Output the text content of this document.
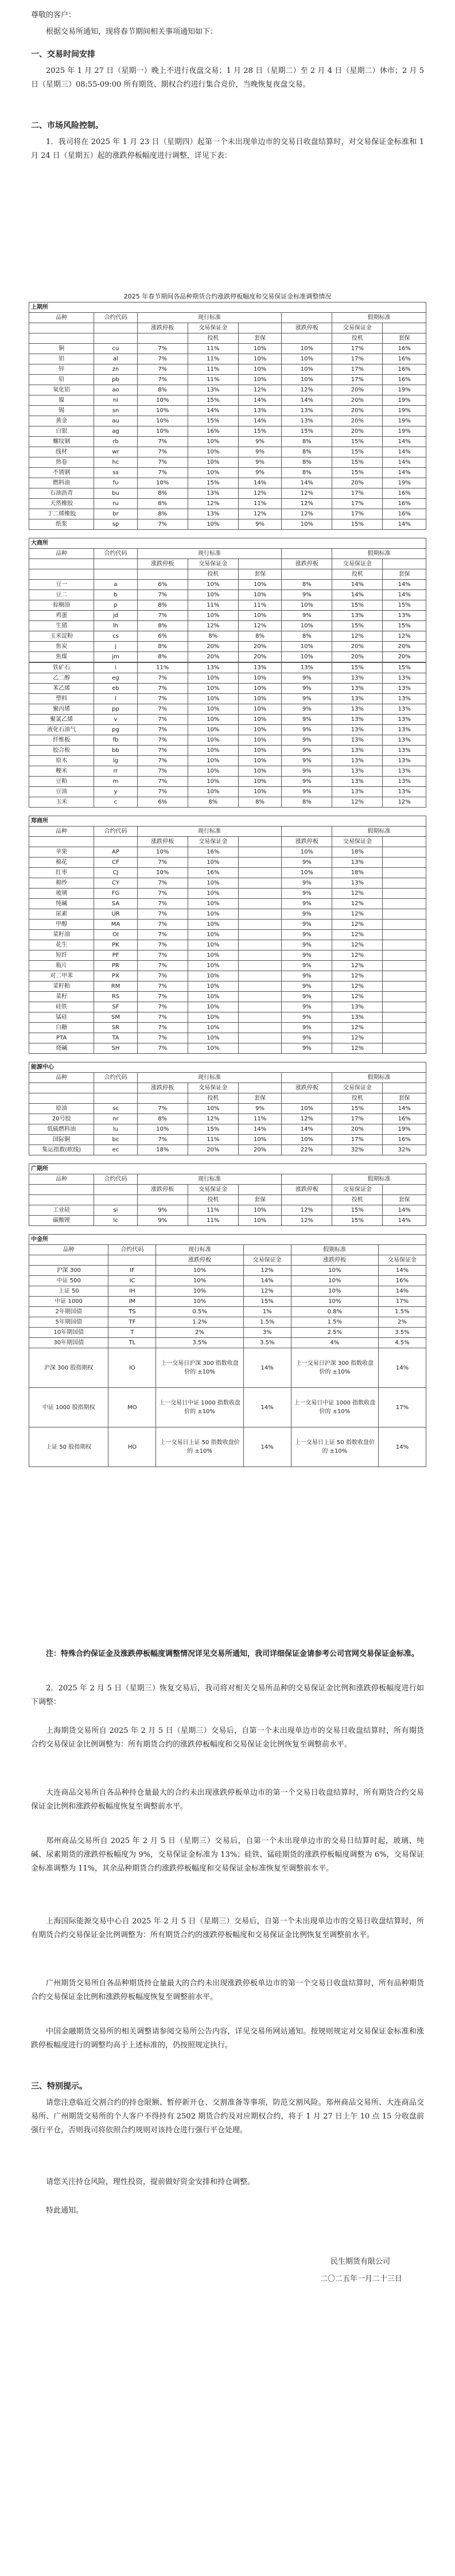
尊敬的客户：
根据交易所通知，现将春节期间相关事项通知如下：
一、交易时间安排
2025 年 1 月 27 日（星期一）晚上不进行夜盘交易；1 月 28 日（星期二）至 2 月 4 日（星期二）休市；2 月 5 日（星期三）08:55-09:00 所有期货、期权合约进行集合竞价，当晚恢复夜盘交易。
二、市场风险控制。
1．我司将在 2025 年 1 月 23 日（星期四）起第一个未出现单边市的交易日收盘结算时，对交易保证金标准和 1 月 24 日（星期五）起的涨跌停板幅度进行调整，详见下表：
2025 年春节期间各品种期货合约涨跌停板幅度和交易保证金标准调整情况
上期所							
品种	合约代码	现行标准				假期标准	
		涨跌停板	交易保证金		涨跌停板	交易保证金	
			投机	套保		投机	套保
铜	cu	7%	11%	10%	10%	17%	16%
铝	al	7%	11%	10%	10%	17%	16%
锌	zn	7%	11%	10%	10%	17%	16%
铅	pb	7%	11%	10%	10%	17%	16%
氧化铝	ao	8%	13%	12%	12%	20%	19%
镍	ni	10%	15%	14%	14%	20%	19%
锡	sn	10%	14%	13%	13%	20%	19%
黄金	au	10%	15%	14%	13%	20%	19%
白银	ag	10%	16%	15%	15%	20%	19%
螺纹钢	rb	7%	10%	9%	8%	15%	14%
线材	wr	7%	10%	9%	8%	15%	14%
热卷	hc	7%	10%	9%	8%	15%	14%
不锈钢	ss	7%	10%	9%	8%	15%	14%
燃料油	fu	10%	15%	14%	14%	20%	19%
石油沥青	bu	8%	13%	12%	12%	17%	16%
天然橡胶	ru	8%	12%	11%	12%	17%	16%
丁二烯橡胶	br	8%	13%	12%	12%	17%	16%
纸浆	sp	7%	10%	9%	10%	15%	14%
大商所							
品种	合约代码	现行标准				假期标准	
		涨跌停板	交易保证金		涨跌停板	交易保证金	
			投机	套保		投机	套保
豆一	a	6%	10%	10%	8%	14%	14%
豆二	b	7%	10%	10%	9%	14%	14%
棕榈油	p	8%	11%	11%	10%	15%	15%
鸡蛋	jd	7%	10%	10%	9%	13%	13%
生猪	lh	8%	12%	12%	10%	15%	15%
玉米淀粉	cs	6%	8%	8%	8%	12%	12%
焦炭	j	8%	20%	20%	10%	20%	20%
焦煤	jm	8%	20%	20%	10%	20%	20%
铁矿石	i	11%	13%	13%	13%	15%	15%
乙二醇	eg	7%	10%	10%	9%	13%	13%
苯乙烯	eb	7%	10%	10%	9%	13%	13%
塑料	l	7%	10%	10%	9%	13%	13%
聚丙烯	pp	7%	10%	10%	9%	13%	13%
聚氯乙烯	v	7%	10%	10%	9%	13%	13%
液化石油气	pg	7%	10%	10%	9%	13%	13%
纤维板	fb	7%	10%	10%	9%	13%	13%
胶合板	bb	7%	10%	10%	9%	13%	13%
原木	lg	7%	10%	10%	9%	13%	13%
粳米	rr	7%	10%	10%	9%	13%	13%
豆粕	m	7%	10%	10%	9%	13%	13%
豆油	y	7%	10%	10%	9%	13%	13%
玉米	c	6%	8%	8%	8%	12%	12%
郑商所							
品种	合约代码	现行标准				假期标准	
		涨跌停板	交易保证金		涨跌停板	交易保证金	
苹果	AP	10%	16%		10%	18%	
棉花	CF	7%	10%		9%	13%	
红枣	CJ	10%	16%		10%	18%	
棉纱	CY	7%	10%		9%	13%	
玻璃	FG	7%	10%		9%	12%	
纯碱	SA	7%	10%		9%	12%	
尿素	UR	7%	10%		9%	12%	
甲醇	MA	7%	10%		9%	12%	
菜籽油	OI	7%	10%		9%	12%	
花生	PK	7%	10%		9%	12%	
短纤	PF	7%	10%		9%	12%	
瓶片	PR	7%	10%		9%	12%	
对二甲苯	PX	7%	10%		9%	12%	
菜籽粕	RM	7%	10%		9%	12%	
菜籽	RS	7%	10%		9%	12%	
硅铁	SF	7%	10%		9%	13%	
锰硅	SM	7%	10%		9%	13%	
白糖	SR	7%	10%		9%	12%	
PTA	TA	7%	10%		9%	12%	
烧碱	SH	7%	10%		9%	12%	
能源中心							
品种	合约代码	现行标准				假期标准	
		涨跌停板	交易保证金		涨跌停板	交易保证金	
			投机	套保		投机	套保
原油	sc	7%	10%	9%	10%	15%	14%
20号胶	nr	8%	12%	11%	12%	17%	16%
低硫燃料油	lu	10%	15%	14%	14%	20%	19%
国际铜	bc	7%	11%	10%	10%	17%	16%
集运指数(欧线)	ec	18%	20%	20%	22%	32%	32%
广期所							
品种	合约代码	现行标准				假期标准	
		涨跌停板	交易保证金		涨跌停板	交易保证金	
			投机	套保		投机	套保
工业硅	si	9%	11%	10%	12%	15%	14%
碳酸锂	lc	9%	11%	10%	12%	15%	14%
中金所					
品种	合约代码	现行标准		假期标准	
		涨跌停板	交易保证金	涨跌停板	交易保证金
沪深 300	IF	10%	12%	10%	14%
中证 500	IC	10%	14%	10%	16%
上证 50	IH	10%	12%	10%	14%
中证 1000	IM	10%	15%	10%	17%
2年期国债	TS	0.5%	1%	0.8%	1.5%
5年期国债	TF	1.2%	1.5%	1.5%	2%
10年期国债	T	2%	3%	2.5%	3.5%
30年期国债	TL	3.5%	3.5%	4%	4.5%
沪深 300 股指期权	IO	上一交易日沪深 300 指数收盘价的 ±10%	14%	上一交易日沪深 300 指数收盘价的 ±10%	14%
中证 1000 股指期权	MO	上一交易日中证 1000 指数收盘价的 ±10%	14%	上一交易日中证 1000 指数收盘价的 ±10%	17%
上证 50 股指期权	HO	上一交易日上证 50 指数收盘价的 ±10%	14%	上一交易日上证 50 指数收盘价的 ±10%	14%
注：特殊合约保证金及涨跌停板幅度调整情况详见交易所通知，我司详细保证金请参考公司官网交易保证金标准。
2．2025 年 2 月 5 日（星期三）恢复交易后，我司将对相关交易所品种的交易保证金比例和涨跌停板幅度进行如下调整：
上海期货交易所自 2025 年 2 月 5 日（星期三）交易后，自第一个未出现单边市的交易日收盘结算时，所有期货合约交易保证金比例调整为：所有期货合约的涨跌停板幅度和交易保证金比例恢复至调整前水平。
大连商品交易所自各品种持仓量最大的合约未出现涨跌停板单边市的第一个交易日收盘结算时，所有期货合约交易保证金比例和涨跌停板幅度恢复至调整前水平。
郑州商品交易所自 2025 年 2 月 5 日（星期三）交易后，自第一个未出现单边市的交易日结算时起，玻璃、纯碱、尿素期货的涨跌停板幅度为 9%，交易保证金标准为 13%；硅铁、锰硅期货的涨跌停板幅度调整为 6%，交易保证金标准调整为 11%，其余品种期货合约涨跌停板幅度和交易保证金标准恢复至调整前水平。
上海国际能源交易中心自 2025 年 2 月 5 日（星期三）交易后，自第一个未出现单边市的交易日收盘结算时，所有期货合约交易保证金比例调整为：所有期货合约的涨跌停板幅度和交易保证金比例恢复至调整前水平。
广州期货交易所自各品种期货持仓量最大的合约未出现涨跌停板单边市的第一个交易日收盘结算时，所有品种期货合约交易保证金比例和涨跌停板幅度恢复至调整前水平。
中国金融期货交易所的相关调整请参阅交易所公告内容，详见交易所网站通知。按规则规定对交易保证金标准和涨跌停板幅度进行的调整均高于上述标准的，仍按照规定执行。
三、特别提示。
请您注意临近交割合约的持仓限额、暂停新开仓、交割准备等事项，防范交割风险。郑州商品交易所、大连商品交易所、广州期货交易所的个人客户不得持有 2502 期货合约及对应期权合约，将于 1 月 27 日上午 10 点 15 分收盘前强行平仓，否则我司将依照合约规则对该持仓进行强行平仓处理。
请您关注持仓风险，理性投资，提前做好资金安排和持仓调整。
特此通知。
民生期货有限公司
二〇二五年一月二十三日
